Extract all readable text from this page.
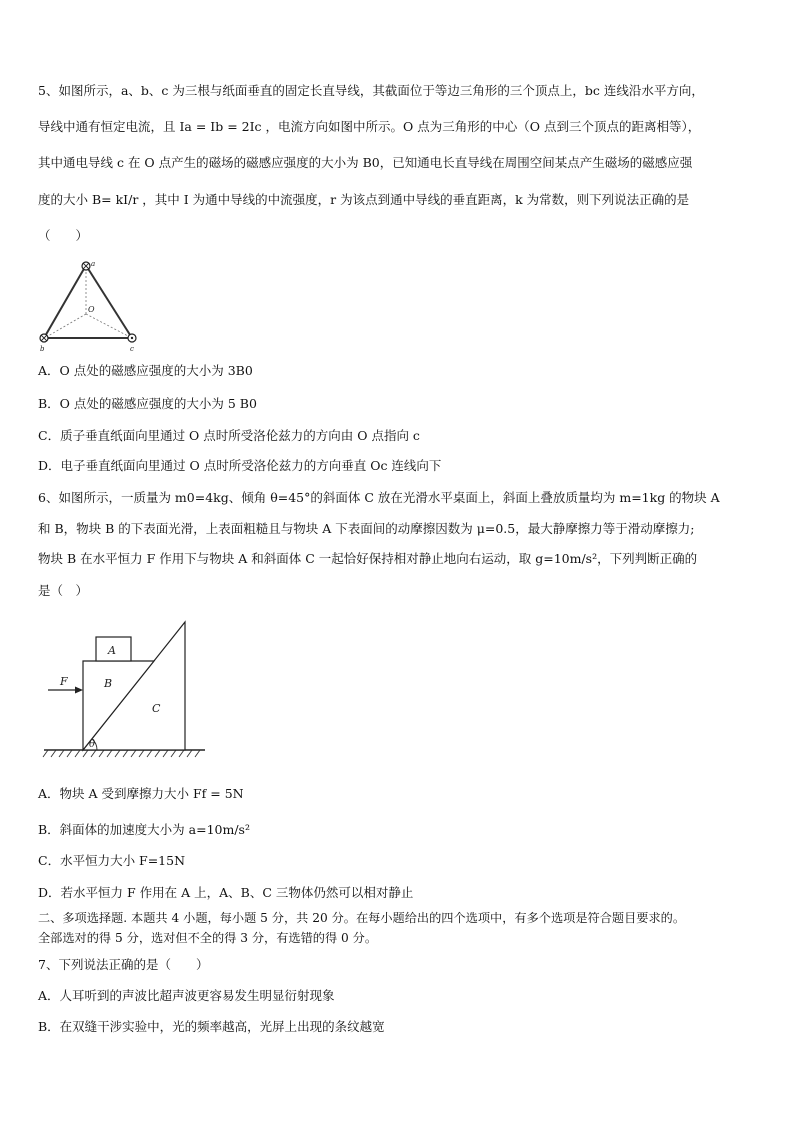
5、如图所示，a、b、c 为三根与纸面垂直的固定长直导线，其截面位于等边三角形的三个顶点上，bc 连线沿水平方向，
导线中通有恒定电流，且 Ia = Ib = 2Ic ，电流方向如图中所示。O 点为三角形的中心（O 点到三个顶点的距离相等），
其中通电导线 c 在 O 点产生的磁场的磁感应强度的大小为 B0，已知通电长直导线在周围空间某点产生磁场的磁感应强
度的大小 B= kI/r ，其中 I 为通中导线的中流强度，r 为该点到通中导线的垂直距离，k 为常数，则下列说法正确的是
（　　）
a
b	c
O
A．O 点处的磁感应强度的大小为 3B0
B．O 点处的磁感应强度的大小为 5 B0
C．质子垂直纸面向里通过 O 点时所受洛伦兹力的方向由 O 点指向 c
D．电子垂直纸面向里通过 O 点时所受洛伦兹力的方向垂直 Oc 连线向下
6、如图所示，一质量为 m0=4kg、倾角 θ=45°的斜面体 C 放在光滑水平桌面上，斜面上叠放质量均为 m=1kg 的物块 A
和 B，物块 B 的下表面光滑，上表面粗糙且与物块 A 下表面间的动摩擦因数为 μ=0.5，最大静摩擦力等于滑动摩擦力;
物块 B 在水平恒力 F 作用下与物块 A 和斜面体 C 一起恰好保持相对静止地向右运动，取 g=10m/s²，下列判断正确的
是（　）
A
B
C
F
θ
A．物块 A 受到摩擦力大小 Ff = 5N
B．斜面体的加速度大小为 a=10m/s²
C．水平恒力大小 F=15N
D．若水平恒力 F 作用在 A 上，A、B、C 三物体仍然可以相对静止
二、多项选择题. 本题共 4 小题，每小题 5 分，共 20 分。在每小题给出的四个选项中，有多个选项是符合题目要求的。
全部选对的得 5 分，选对但不全的得 3 分，有选错的得 0 分。
7、下列说法正确的是（　　）
A．人耳听到的声波比超声波更容易发生明显衍射现象
B．在双缝干涉实验中，光的频率越高，光屏上出现的条纹越宽
